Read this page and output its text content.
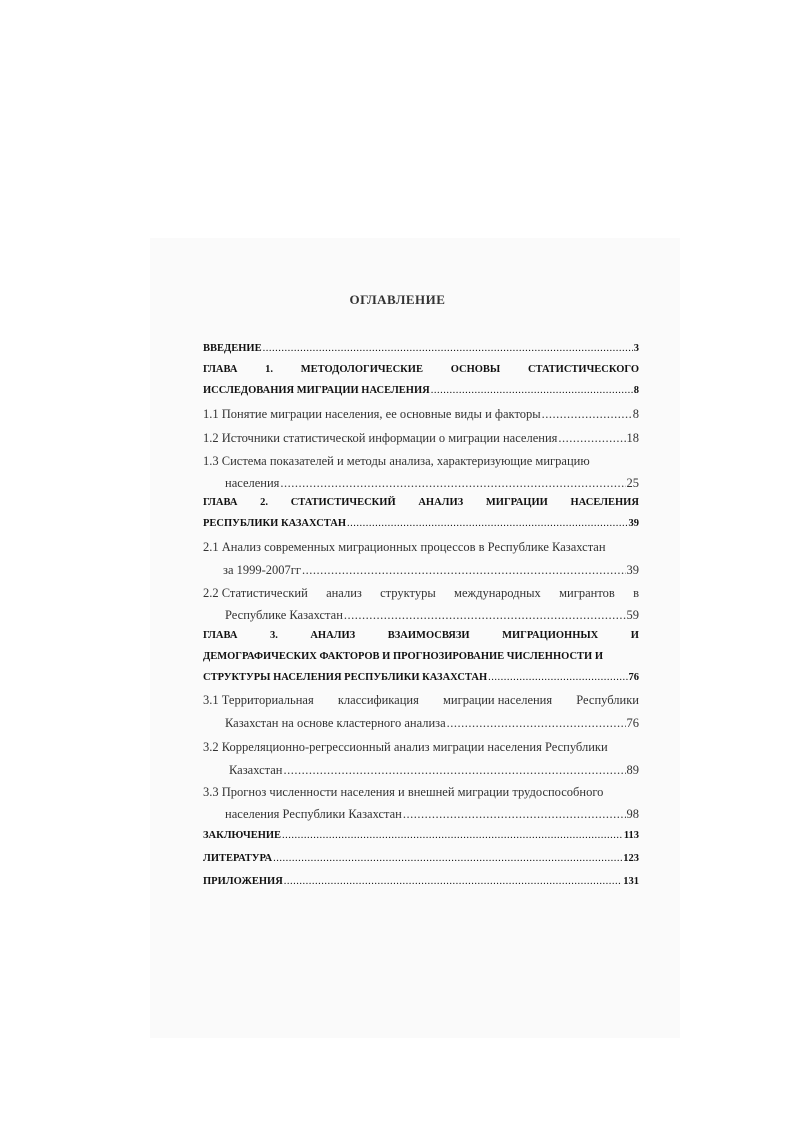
ОГЛАВЛЕНИЕ
ВВЕДЕНИЕ .....	3
ГЛАВА	1.	МЕТОДОЛОГИЧЕСКИЕ	ОСНОВЫ	СТАТИСТИЧЕСКОГО
ИССЛЕДОВАНИЯ МИГРАЦИИ НАСЕЛЕНИЯ .....	8
1.1 Понятие миграции населения, ее основные виды и факторы .....	8
1.2 Источники статистической информации о миграции населения .....	18
1.3 Система показателей и методы анализа, характеризующие миграцию
населения .....	25
ГЛАВА 2. СТАТИСТИЧЕСКИЙ АНАЛИЗ МИГРАЦИИ НАСЕЛЕНИЯ
РЕСПУБЛИКИ КАЗАХСТАН .....	39
2.1 Анализ современных миграционных процессов в Республике Казахстан
за 1999-2007гг .....	39
2.2 Статистический анализ структуры международных мигрантов в
Республике Казахстан .....	59
ГЛАВА	3.	АНАЛИЗ	ВЗАИМОСВЯЗИ	МИГРАЦИОННЫХ	И
ДЕМОГРАФИЧЕСКИХ ФАКТОРОВ И ПРОГНОЗИРОВАНИЕ ЧИСЛЕННОСТИ И
СТРУКТУРЫ НАСЕЛЕНИЯ РЕСПУБЛИКИ КАЗАХСТАН .....	76
3.1 Территориальная классификация миграции населения Республики
Казахстан на основе кластерного анализа .....	76
3.2 Корреляционно-регрессионный анализ миграции населения Республики
Казахстан .....	89
3.3 Прогноз численности населения и внешней миграции трудоспособного
населения Республики Казахстан .....	98
ЗАКЛЮЧЕНИЕ .....	113
ЛИТЕРАТУРА .....	123
ПРИЛОЖЕНИЯ .....	131
